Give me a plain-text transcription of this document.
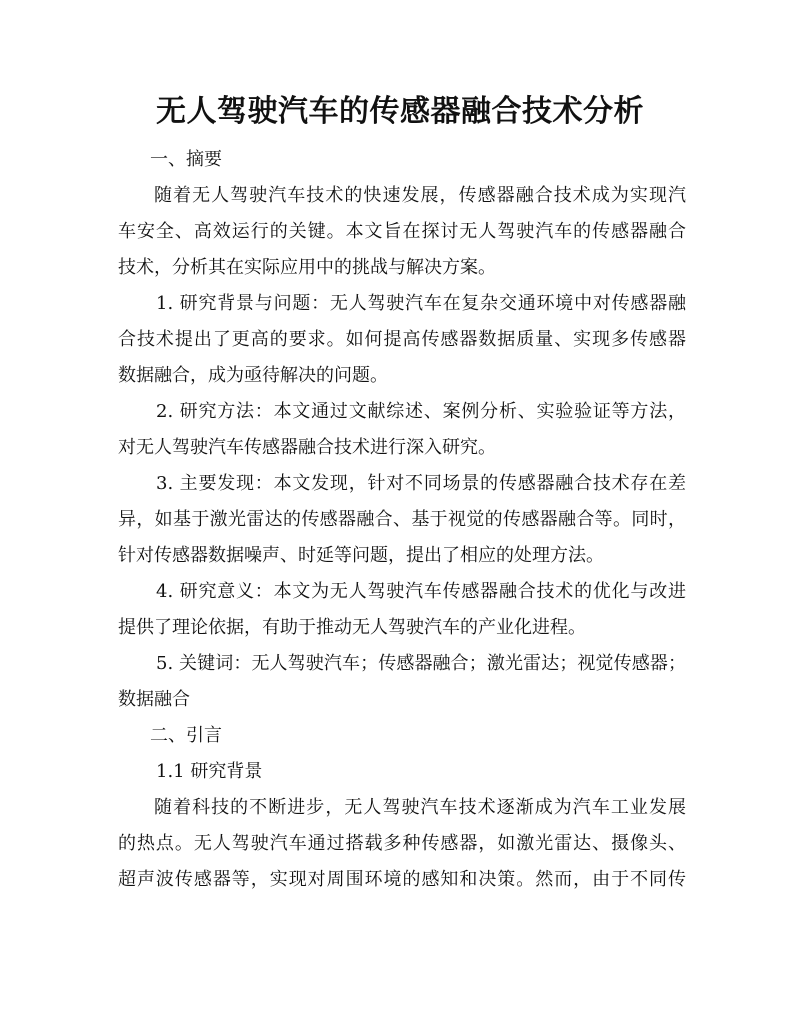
无人驾驶汽车的传感器融合技术分析
一、摘要
随着无人驾驶汽车技术的快速发展，传感器融合技术成为实现汽
车安全、高效运行的关键。本文旨在探讨无人驾驶汽车的传感器融合
技术，分析其在实际应用中的挑战与解决方案。
1. 研究背景与问题：无人驾驶汽车在复杂交通环境中对传感器融
合技术提出了更高的要求。如何提高传感器数据质量、实现多传感器
数据融合，成为亟待解决的问题。
2. 研究方法：本文通过文献综述、案例分析、实验验证等方法，
对无人驾驶汽车传感器融合技术进行深入研究。
3. 主要发现：本文发现，针对不同场景的传感器融合技术存在差
异，如基于激光雷达的传感器融合、基于视觉的传感器融合等。同时，
针对传感器数据噪声、时延等问题，提出了相应的处理方法。
4. 研究意义：本文为无人驾驶汽车传感器融合技术的优化与改进
提供了理论依据，有助于推动无人驾驶汽车的产业化进程。
5. 关键词：无人驾驶汽车；传感器融合；激光雷达；视觉传感器；
数据融合
二、引言
1.1 研究背景
随着科技的不断进步，无人驾驶汽车技术逐渐成为汽车工业发展
的热点。无人驾驶汽车通过搭载多种传感器，如激光雷达、摄像头、
超声波传感器等，实现对周围环境的感知和决策。然而，由于不同传
